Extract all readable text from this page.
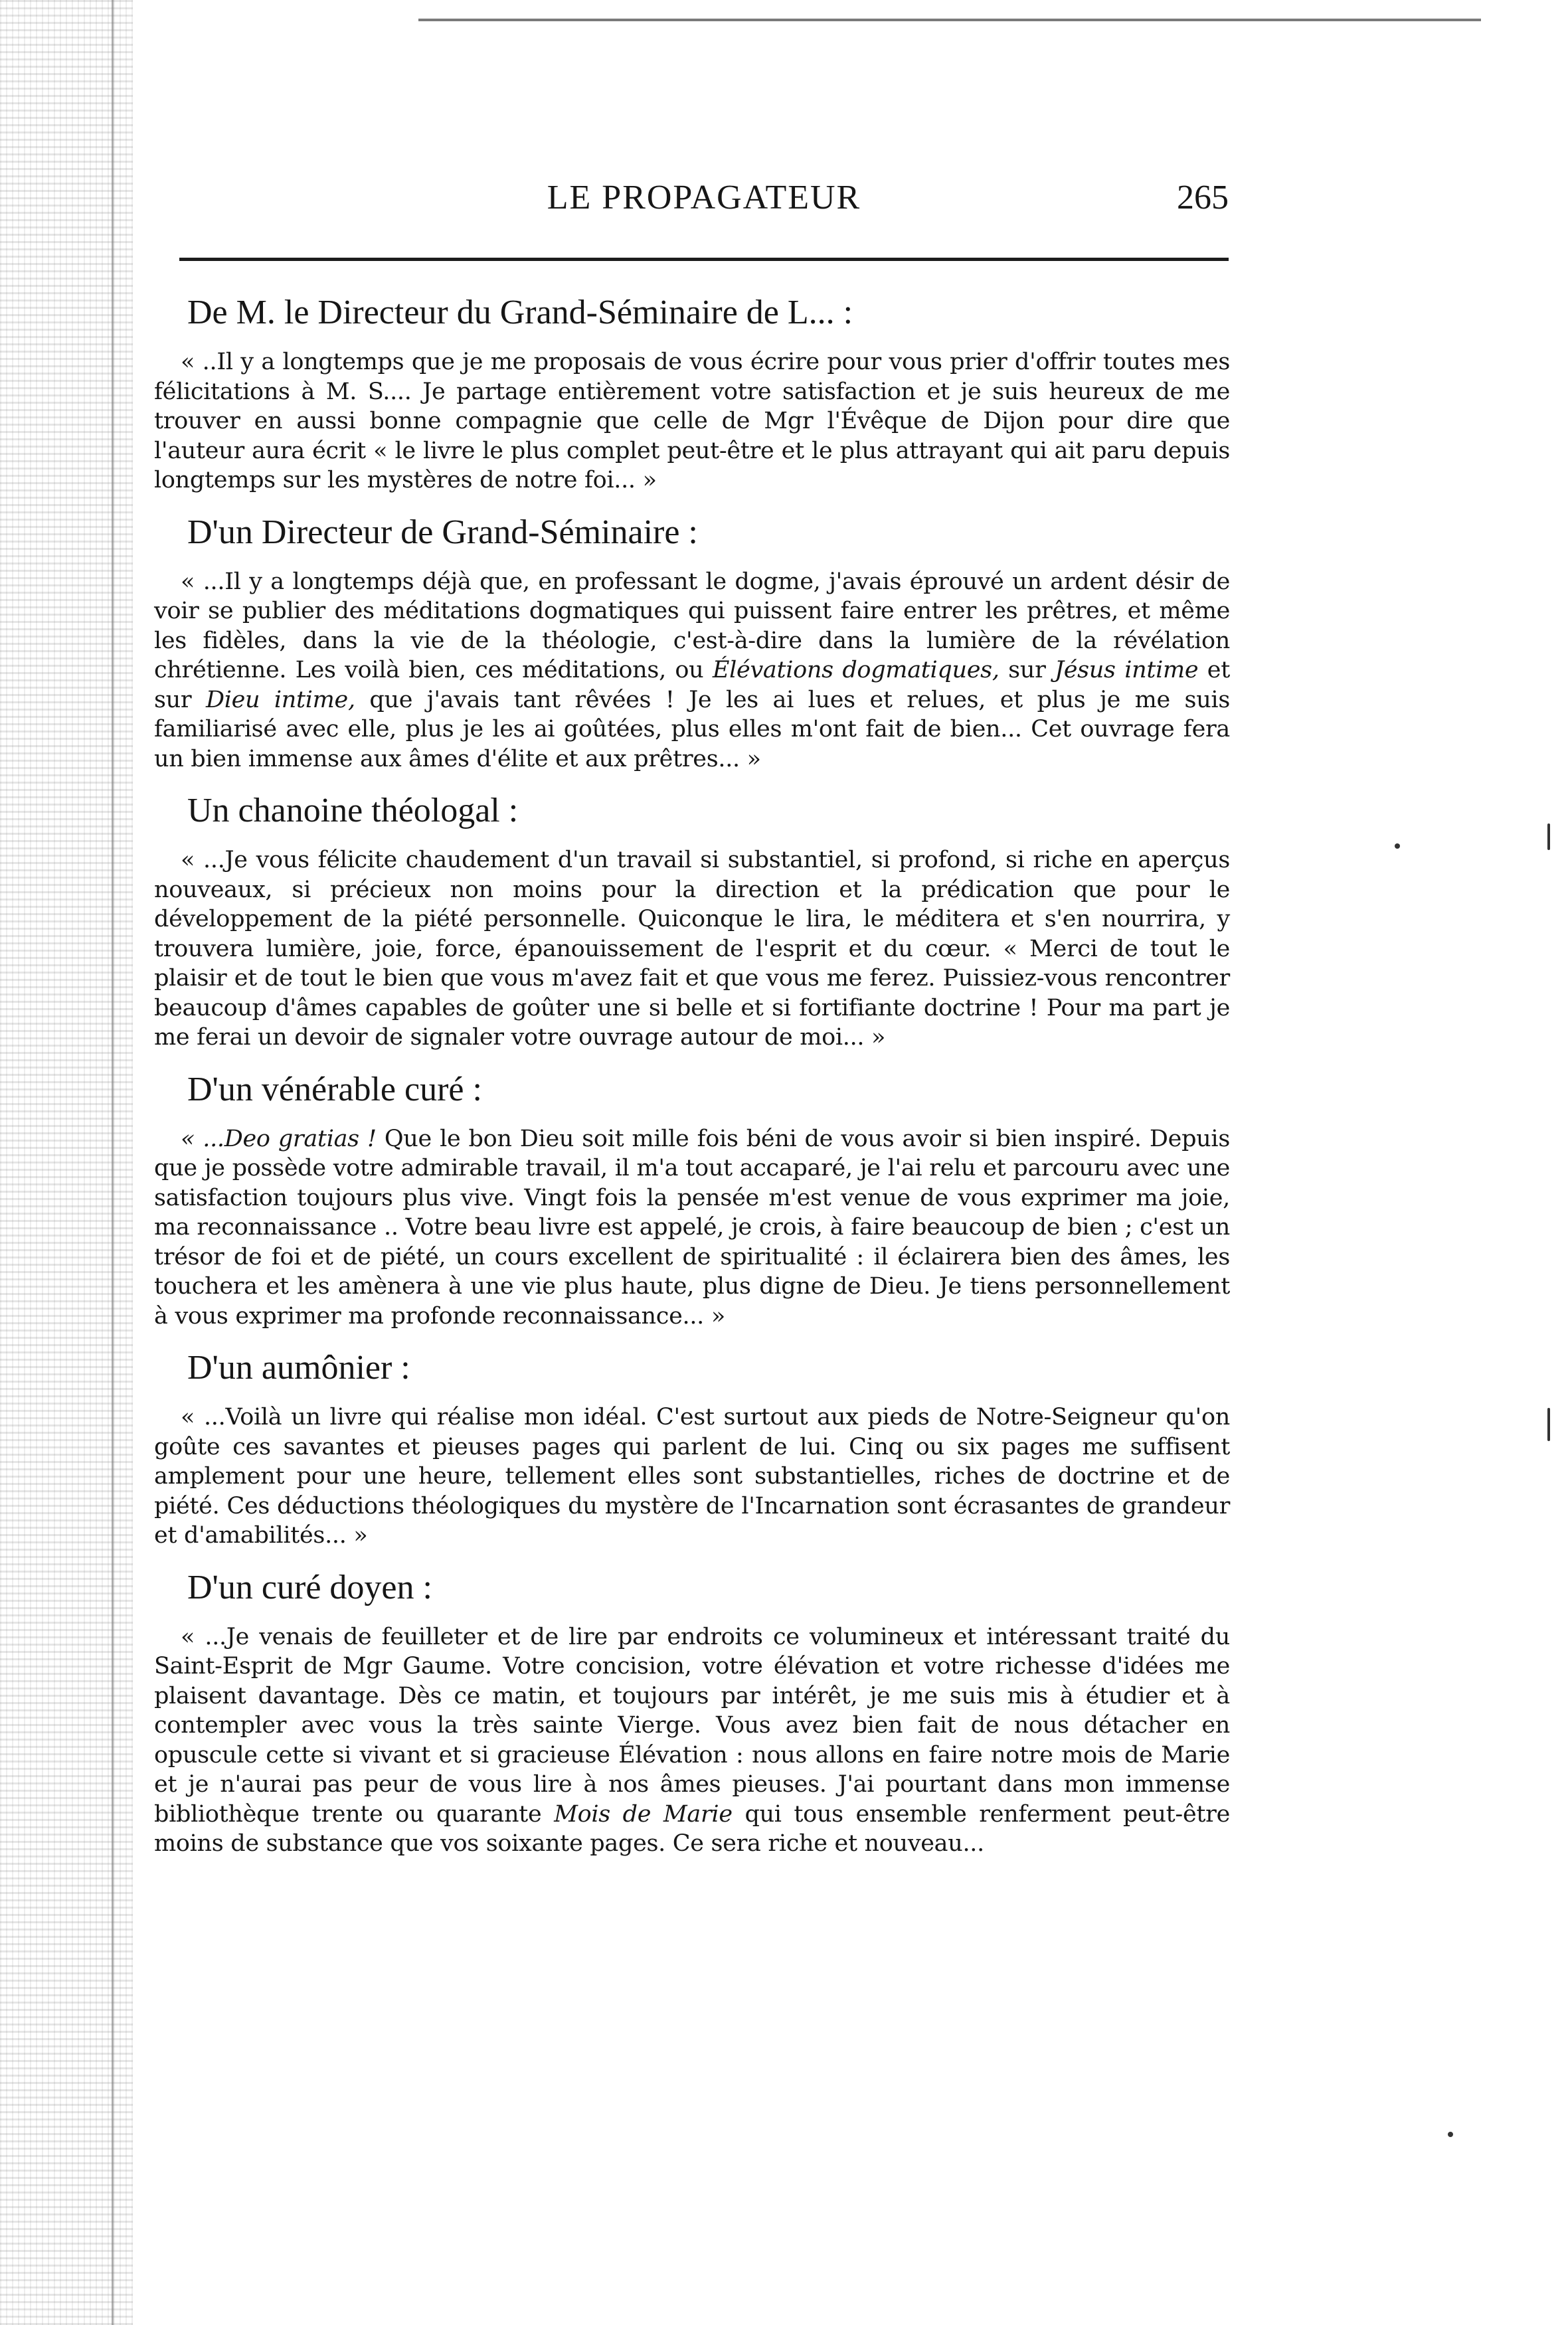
LE PROPAGATEUR	265
De M. le Directeur du Grand-Séminaire de L... :

« ..Il y a longtemps que je me proposais de vous écrire pour vous prier d'offrir toutes mes félicitations à M. S.... Je partage entièrement votre satisfaction et je suis heureux de me trouver en aussi bonne compagnie que celle de Mgr l'Évêque de Dijon pour dire que l'auteur aura écrit « le livre le plus complet peut-être et le plus attrayant qui ait paru depuis longtemps sur les mystères de notre foi... »

D'un Directeur de Grand-Séminaire :

« ...Il y a longtemps déjà que, en professant le dogme, j'avais éprouvé un ardent désir de voir se publier des méditations dogmatiques qui puissent faire entrer les prêtres, et même les fidèles, dans la vie de la théologie, c'est-à-dire dans la lumière de la révélation chrétienne. Les voilà bien, ces méditations, ou Élévations dogmatiques, sur Jésus intime et sur Dieu intime, que j'avais tant rêvées ! Je les ai lues et relues, et plus je me suis familiarisé avec elle, plus je les ai goûtées, plus elles m'ont fait de bien... Cet ouvrage fera un bien immense aux âmes d'élite et aux prêtres... »

Un chanoine théologal :

« ...Je vous félicite chaudement d'un travail si substantiel, si profond, si riche en aperçus nouveaux, si précieux non moins pour la direction et la prédication que pour le développement de la piété personnelle. Quiconque le lira, le méditera et s'en nourrira, y trouvera lumière, joie, force, épanouissement de l'esprit et du cœur. « Merci de tout le plaisir et de tout le bien que vous m'avez fait et que vous me ferez. Puissiez-vous rencontrer beaucoup d'âmes capables de goûter une si belle et si fortifiante doctrine ! Pour ma part je me ferai un devoir de signaler votre ouvrage autour de moi... »

D'un vénérable curé :

« ...Deo gratias ! Que le bon Dieu soit mille fois béni de vous avoir si bien inspiré. Depuis que je possède votre admirable travail, il m'a tout accaparé, je l'ai relu et parcouru avec une satisfaction toujours plus vive. Vingt fois la pensée m'est venue de vous exprimer ma joie, ma reconnaissance .. Votre beau livre est appelé, je crois, à faire beaucoup de bien ; c'est un trésor de foi et de piété, un cours excellent de spiritualité : il éclairera bien des âmes, les touchera et les amènera à une vie plus haute, plus digne de Dieu. Je tiens personnellement à vous exprimer ma profonde reconnaissance... »

D'un aumônier :

« ...Voilà un livre qui réalise mon idéal. C'est surtout aux pieds de Notre-Seigneur qu'on goûte ces savantes et pieuses pages qui parlent de lui. Cinq ou six pages me suffisent amplement pour une heure, tellement elles sont substantielles, riches de doctrine et de piété. Ces déductions théologiques du mystère de l'Incarnation sont écrasantes de grandeur et d'amabilités... »

D'un curé doyen :

« ...Je venais de feuilleter et de lire par endroits ce volumineux et intéressant traité du Saint-Esprit de Mgr Gaume. Votre concision, votre élévation et votre richesse d'idées me plaisent davantage. Dès ce matin, et toujours par intérêt, je me suis mis à étudier et à contempler avec vous la très sainte Vierge. Vous avez bien fait de nous détacher en opuscule cette si vivant et si gracieuse Élévation : nous allons en faire notre mois de Marie et je n'aurai pas peur de vous lire à nos âmes pieuses. J'ai pourtant dans mon immense bibliothèque trente ou quarante Mois de Marie qui tous ensemble renferment peut-être moins de substance que vos soixante pages. Ce sera riche et nouveau...
